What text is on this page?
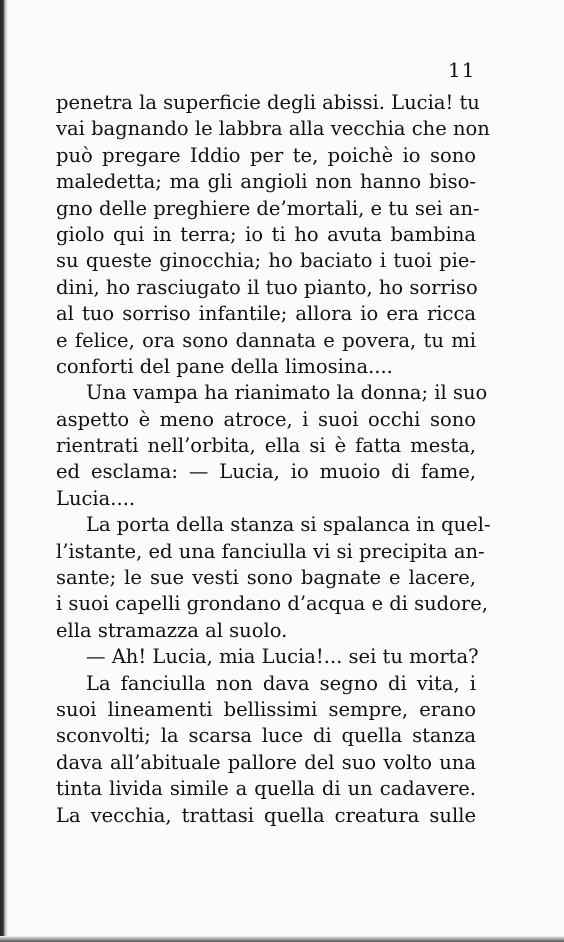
11
penetra la superficie degli abissi. Lucia! tu
vai bagnando le labbra alla vecchia che non
può pregare Iddio per te, poichè io sono
maledetta; ma gli angioli non hanno biso-
gno delle preghiere de’mortali, e tu sei an-
giolo qui in terra; io ti ho avuta bambina
su queste ginocchia; ho baciato i tuoi pie-
dini, ho rasciugato il tuo pianto, ho sorriso
al tuo sorriso infantile; allora io era ricca
e felice, ora sono dannata e povera, tu mi
conforti del pane della limosina....
Una vampa ha rianimato la donna; il suo
aspetto è meno atroce, i suoi occhi sono
rientrati nell’orbita, ella si è fatta mesta,
ed esclama: — Lucia, io muoio di fame,
Lucia....
La porta della stanza si spalanca in quel-
l’istante, ed una fanciulla vi si precipita an-
sante; le sue vesti sono bagnate e lacere,
i suoi capelli grondano d’acqua e di sudore,
ella stramazza al suolo.
— Ah! Lucia, mia Lucia!... sei tu morta?
La fanciulla non dava segno di vita, i
suoi lineamenti bellissimi sempre, erano
sconvolti; la scarsa luce di quella stanza
dava all’abituale pallore del suo volto una
tinta livida simile a quella di un cadavere.
La vecchia, trattasi quella creatura sulle
